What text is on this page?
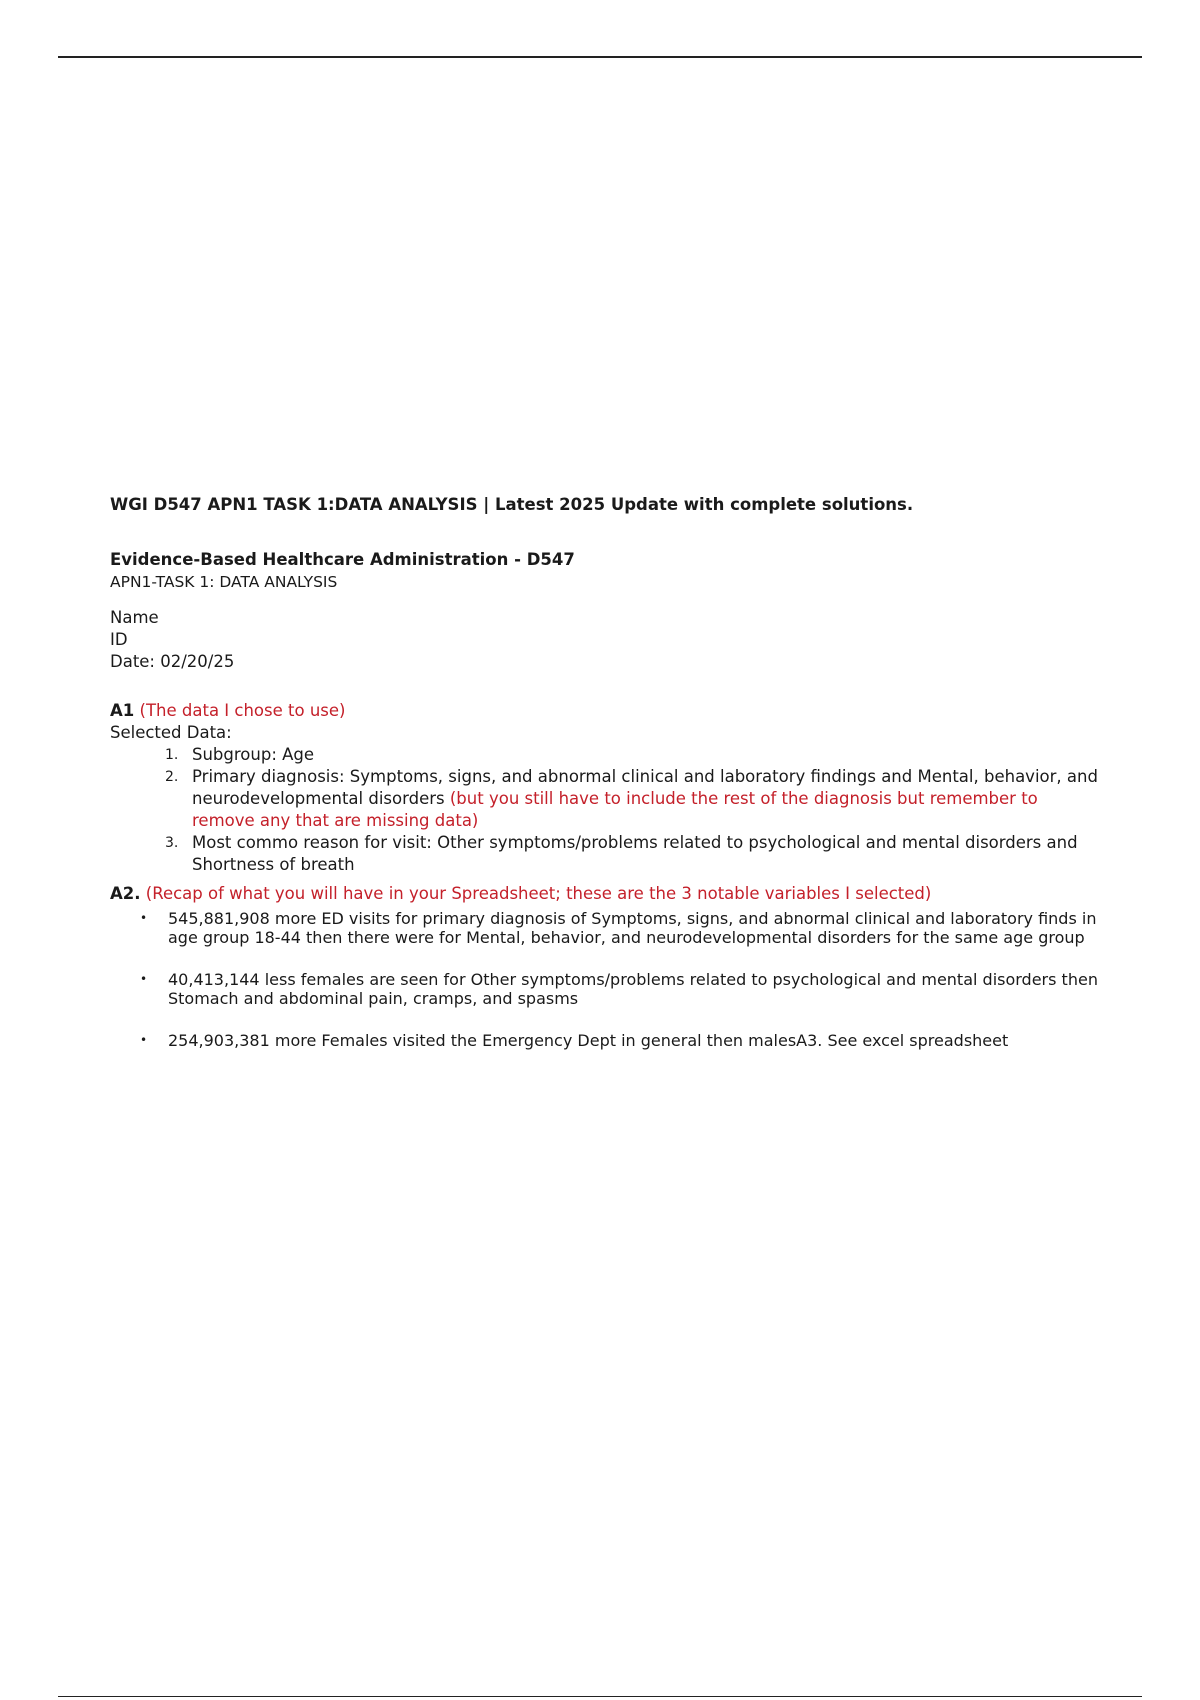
WGI D547 APN1 TASK 1:DATA ANALYSIS | Latest 2025 Update with complete solutions.

Evidence-Based Healthcare Administration - D547

APN1-TASK 1: DATA ANALYSIS

Name

ID

Date: 02/20/25

A1 (The data I chose to use)

Selected Data:

1. Subgroup: Age
2. Primary diagnosis: Symptoms, signs, and abnormal clinical and laboratory findings and Mental, behavior, and neurodevelopmental disorders (but you still have to include the rest of the diagnosis but remember to remove any that are missing data)
3. Most commo reason for visit: Other symptoms/problems related to psychological and mental disorders and Shortness of breath

A2. (Recap of what you will have in your Spreadsheet; these are the 3 notable variables I selected)

• 545,881,908 more ED visits for primary diagnosis of Symptoms, signs, and abnormal clinical and laboratory finds in age group 18-44 then there were for Mental, behavior, and neurodevelopmental disorders for the same age group
• 40,413,144 less females are seen for Other symptoms/problems related to psychological and mental disorders then Stomach and abdominal pain, cramps, and spasms
• 254,903,381 more Females visited the Emergency Dept in general then malesA3. See excel spreadsheet
